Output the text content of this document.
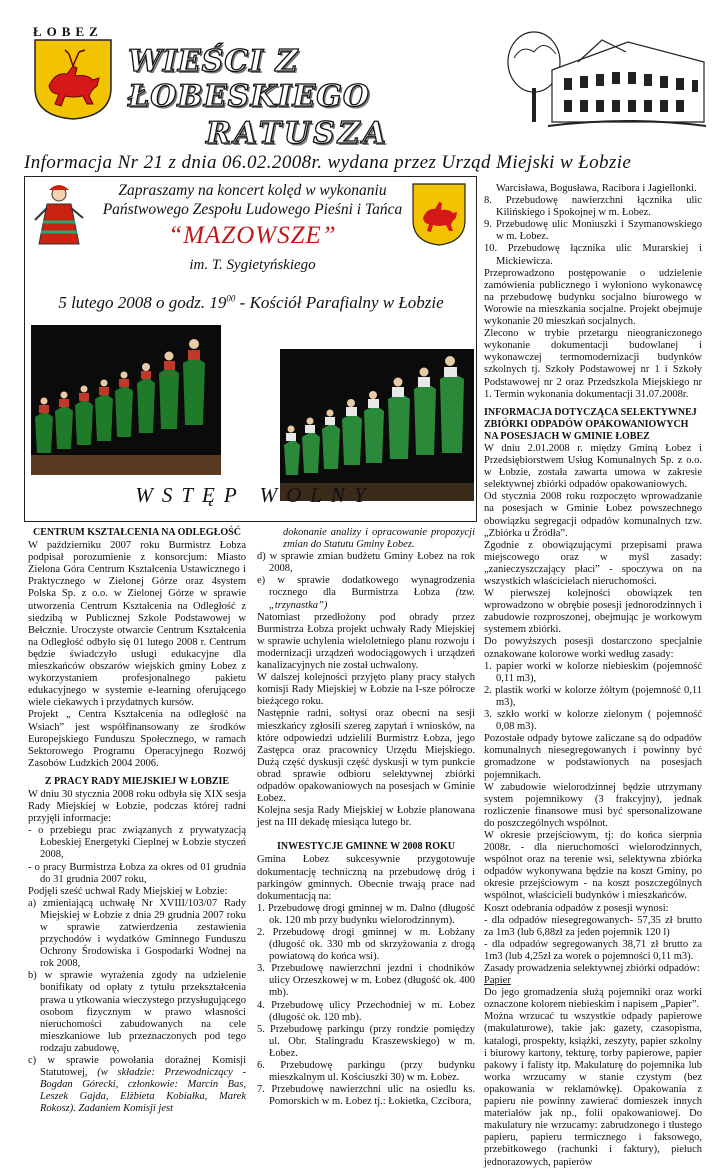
ŁOBEZ
WIEŚCI Z ŁOBESKIEGO
RATUSZA
Informacja Nr 21 z dnia 06.02.2008r. wydana przez Urząd Miejski w Łobzie
Zapraszamy na koncert kolęd w wykonaniu
Państwowego Zespołu Ludowego Pieśni i Tańca
“MAZOWSZE”
im. T. Sygietyńskiego
5 lutego 2008 o godz. $19^{00}$ - Kościół Parafialny w Łobzie
WSTĘP WOLNY

CENTRUM KSZTAŁCENIA NA ODLEGŁOŚĆ

W październiku 2007 roku Burmistrz Łobza podpisał porozumienie z konsorcjum: Miasto Zielona Góra Centrum Kształcenia Ustawicznego i Praktycznego w Zielonej Górze oraz 4system Polska Sp. z o.o. w Zielonej Górze w sprawie utworzenia Centrum Kształcenia na Odległość z siedzibą w Publicznej Szkole Podstawowej w Bełcznie. Uroczyste otwarcie Centrum Kształcenia na Odległość odbyło się 01 lutego 2008 r. Centrum będzie świadczyło usługi edukacyjne dla mieszkańców obszarów wiejskich gminy Łobez z wykorzystaniem profesjonalnego pakietu edukacyjnego w systemie e-learning oferującego wiele ciekawych i przydatnych kursów.

Projekt „ Centra Kształcenia na odległość na Wsiach” jest współfinansowany ze środków Europejskiego Funduszu Społecznego, w ramach Sektorowego Programu Operacyjnego Rozwój Zasobów Ludzkich 2004 2006.

Z PRACY RADY MIEJSKIEJ W ŁOBZIE

W dniu 30 stycznia 2008 roku odbyła się XIX sesja Rady Miejskiej w Łobzie, podczas której radni przyjęli informacje:

- o przebiegu prac związanych z prywatyzacją Łobeskiej Energetyki Cieplnej w Łobzie styczeń 2008,

- o pracy Burmistrza Łobza za okres od 01 grudnia do 31 grudnia 2007 roku,

Podjęli sześć uchwał Rady Miejskiej w Łobzie:

a) zmieniającą uchwałę Nr XVIII/103/07 Rady Miejskiej w Łobzie z dnia 29 grudnia 2007 roku w sprawie zatwierdzenia zestawienia przychodów i wydatków Gminnego Funduszu Ochrony Środowiska i Gospodarki Wodnej na rok 2008,

b) w sprawie wyrażenia zgody na udzielenie bonifikaty od opłaty z tytułu przekształcenia prawa u ytkowania wieczystego przysługującego osobom fizycznym w prawo własności nieruchomości zabudowanych na cele mieszkaniowe lub przeznaczonych pod tego rodzaju zabudowę,

c) w sprawie powołania doraźnej Komisji Statutowej, (w składzie: Przewodniczący - Bogdan Górecki, członkowie: Marcin Bas, Leszek Gajda, Elżbieta Kobiałka, Marek Rokosz). Zadaniem Komisji jest

dokonanie analizy i opracowanie propozycji zmian do Statutu Gminy Łobez.

d) w sprawie zmian budżetu Gminy Łobez na rok 2008,

e) w sprawie dodatkowego wynagrodzenia rocznego dla Burmistrza Łobza (tzw. „trzynastka”)

Natomiast przedłożony pod obrady przez Burmistrza Łobza projekt uchwały Rady Miejskiej w sprawie uchylenia wieloletniego planu rozwoju i modernizacji urządzeń wodociągowych i urządzeń kanalizacyjnych nie został uchwalony.

W dalszej kolejności przyjęto plany pracy stałych komisji Rady Miejskiej w Łobzie na I-sze półrocze bieżącego roku.

Następnie radni, sołtysi oraz obecni na sesji mieszkańcy zgłosili szereg zapytań i wniosków, na które odpowiedzi udzielili Burmistrz Łobza, jego Zastępca oraz pracownicy Urzędu Miejskiego. Dużą część dyskusji część dyskusji w tym punkcie obrad sprawie odbioru selektywnej zbiórki odpadów opakowaniowych na posesjach w Gminie Łobez.

Kolejna sesja Rady Miejskiej w Łobzie planowana jest na III dekadę miesiąca lutego br.

INWESTYCJE GMINNE W 2008 ROKU

Gmina Łobez sukcesywnie przygotowuje dokumentację techniczną na przebudowę dróg i parkingów gminnych. Obecnie trwają prace nad dokumentacją na:

1. Przebudowę drogi gminnej w m. Dalno (długość ok. 120 mb przy budynku wielorodzinnym).

2. Przebudowę drogi gminnej w m. Łobżany (długość ok. 330 mb od skrzyżowania z drogą powiatową do końca wsi).

3. Przebudowę nawierzchni jezdni i chodników ulicy Orzeszkowej w m. Łobez (długość ok. 400 mb).

4. Przebudowę ulicy Przechodniej w m. Łobez (długość ok. 120 mb).

5. Przebudowę parkingu (przy rondzie pomiędzy ul. Obr. Stalingradu Kraszewskiego) w m. Łobez.

6. Przebudowę parkingu (przy budynku mieszkalnym ul. Kościuszki 30) w m. Łobez.

7. Przebudowę nawierzchni ulic na osiedlu ks. Pomorskich w m. Łobez tj.: Łokietka, Czcibora,

Warcisława, Bogusława, Racibora i Jagiellonki.

8. Przebudowę nawierzchni łącznika ulic Kilińskiego i Spokojnej w m. Łobez.

9. Przebudowę ulic Moniuszki i Szymanowskiego w m. Łobez.

10. Przebudowę łącznika ulic Murarskiej i Mickiewicza.

Przeprowadzono postępowanie o udzielenie zamówienia publicznego i wyłoniono wykonawcę na przebudowę budynku socjalno biurowego w Worowie na mieszkania socjalne. Projekt obejmuje wykonanie 20 mieszkań socjalnych.

Zlecono w trybie przetargu nieograniczonego wykonanie dokumentacji budowlanej i wykonawczej termomodernizacji budynków szkolnych tj. Szkoły Podstawowej nr 1 i Szkoły Podstawowej nr 2 oraz Przedszkola Miejskiego nr 1. Termin wykonania dokumentacji 31.07.2008r.

INFORMACJA DOTYCZĄCA SELEKTYWNEJ ZBIÓRKI ODPADÓW OPAKOWANIOWYCH NA POSESJACH W GMINIE ŁOBEZ

W dniu 2.01.2008 r. między Gminą Łobez i Przedsiębiorstwem Usług Komunalnych Sp. z o.o. w Łobzie, została zawarta umowa w zakresie selektywnej zbiórki odpadów opakowaniowych.

Od stycznia 2008 roku rozpoczęto wprowadzanie na posesjach w Gminie Łobez powszechnego obowiązku segregacji odpadów komunalnych tzw. „Zbiórka u Źródła”.

Zgodnie z obowiązującymi przepisami prawa miejscowego oraz w myśl zasady: „zanieczyszczający płaci” - spoczywa on na wszystkich właścicielach nieruchomości.

W pierwszej kolejności obowiązek ten wprowadzono w obrębie posesji jednorodzinnych i zabudowie rozproszonej, obejmując je workowym systemem zbiórki.

Do powyższych posesji dostarczono specjalnie oznakowane kolorowe worki według zasady:

1. papier worki w kolorze niebieskim (pojemność 0,11 m3),

2. plastik worki w kolorze żółtym (pojemność 0,11 m3),

3. szkło worki w kolorze zielonym ( pojemność 0,08 m3).

Pozostałe odpady bytowe zaliczane są do odpadów komunalnych niesegregowanych i powinny być gromadzone w podstawionych na posesjach pojemnikach.

W zabudowie wielorodzinnej będzie utrzymany system pojemnikowy (3 frakcyjny), jednak rozliczenie finansowe musi być spersonalizowane do poszczególnych wspólnot.

W okresie przejściowym, tj: do końca sierpnia 2008r. - dla nieruchomości wielorodzinnych, wspólnot oraz na terenie wsi, selektywna zbiórka odpadów wykonywana będzie na koszt Gminy, po okresie przejściowym - na koszt poszczególnych wspólnot, właścicieli budynków i mieszkańców.

Koszt odebrania odpadów z posesji wynosi:

- dla odpadów niesegregowanych- 57,35 zł brutto za 1m3 (lub 6,88zł za jeden pojemnik 120 l)

- dla odpadów segregowanych 38,71 zł brutto za 1m3 (lub 4,25zł za worek o pojemności 0,11 m3).

Zasady prowadzenia selektywnej zbiórki odpadów:

Papier

Do jego gromadzenia służą pojemniki oraz worki oznaczone kolorem niebieskim i napisem „Papier”.

Można wrzucać tu wszystkie odpady papierowe (makulaturowe), takie jak: gazety, czasopisma, katalogi, prospekty, książki, zeszyty, papier szkolny i biurowy kartony, tekturę, torby papierowe, papier pakowy i falisty itp. Makulaturę do pojemnika lub worka wrzucamy w stanie czystym (bez opakowania w reklamówkę). Opakowania z papieru nie powinny zawierać domieszek innych materiałów jak np., folii opakowaniowej. Do makulatury nie wrzucamy: zabrudzonego i tłustego papieru, papieru termicznego i faksowego, przebitkowego (rachunki i faktury), pieluch jednorazowych, papierów
